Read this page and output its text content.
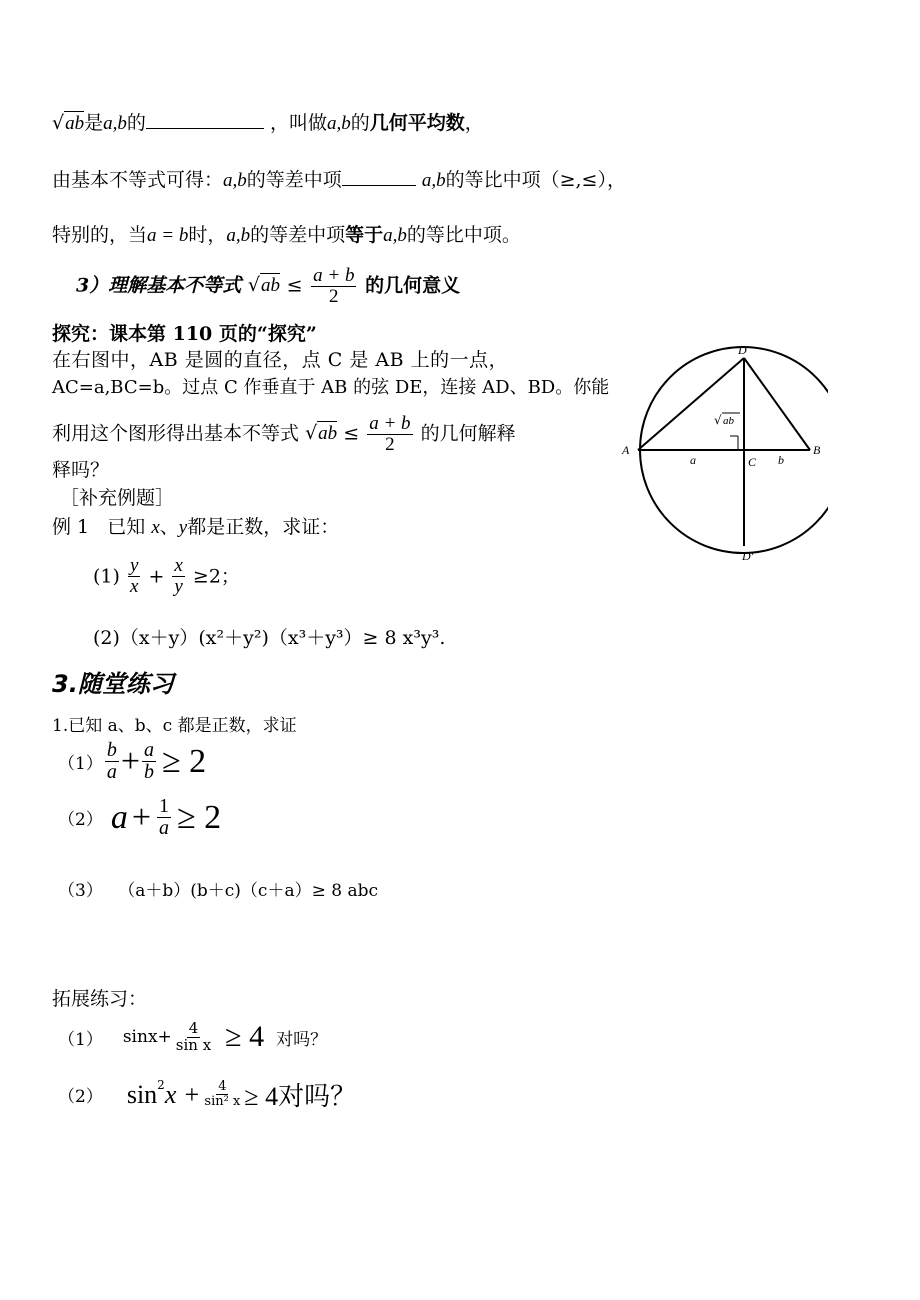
√ab是a,b的	，叫做a,b的几何平均数，
由基本不等式可得：a,b的等差中项	a,b的等比中项（≥,≤），
特别的，当a = b时，a,b的等差中项等于a,b的等比中项。
3）理解基本不等式 $√ab \le \frac{a + b}{2}$ 的几何意义
探究：课本第 110 页的“探究”
在右图中，AB 是圆的直径，点 C 是 AB 上的一点，
AC=a,BC=b。过点 C 作垂直于 AB 的弦 DE，连接 AD、BD。你能
利用这个图形得出基本不等式 $√ab \le \frac{a + b}{2}$ 的几何解释
释吗？
A	B
C
D
D′
a	b
√ ab
［补充例题］
例 1 已知 x、y都是正数，求证：
$(1) \frac{y}{x} + \frac{x}{y} \ge 2$；
(2)（x＋y）(x²＋y²)（x³＋y³）≥ 8 x³y³.
3.随堂练习
1.已知 a、b、c 都是正数，求证
$(1) \frac{b}{a} + \frac{a}{b} \ge 2$
（2） $a + \frac{1}{a} \ge 2$
（3） （a＋b）(b＋c)（c＋a）≥ 8 abc
拓展练习：
（1） $\sin x+ \frac{4}{\text{sin x}} \ge 4$ 对吗？
（2） $\sin^2 x + \frac{4}{\text{sin² x}} \ge 4$对吗？
